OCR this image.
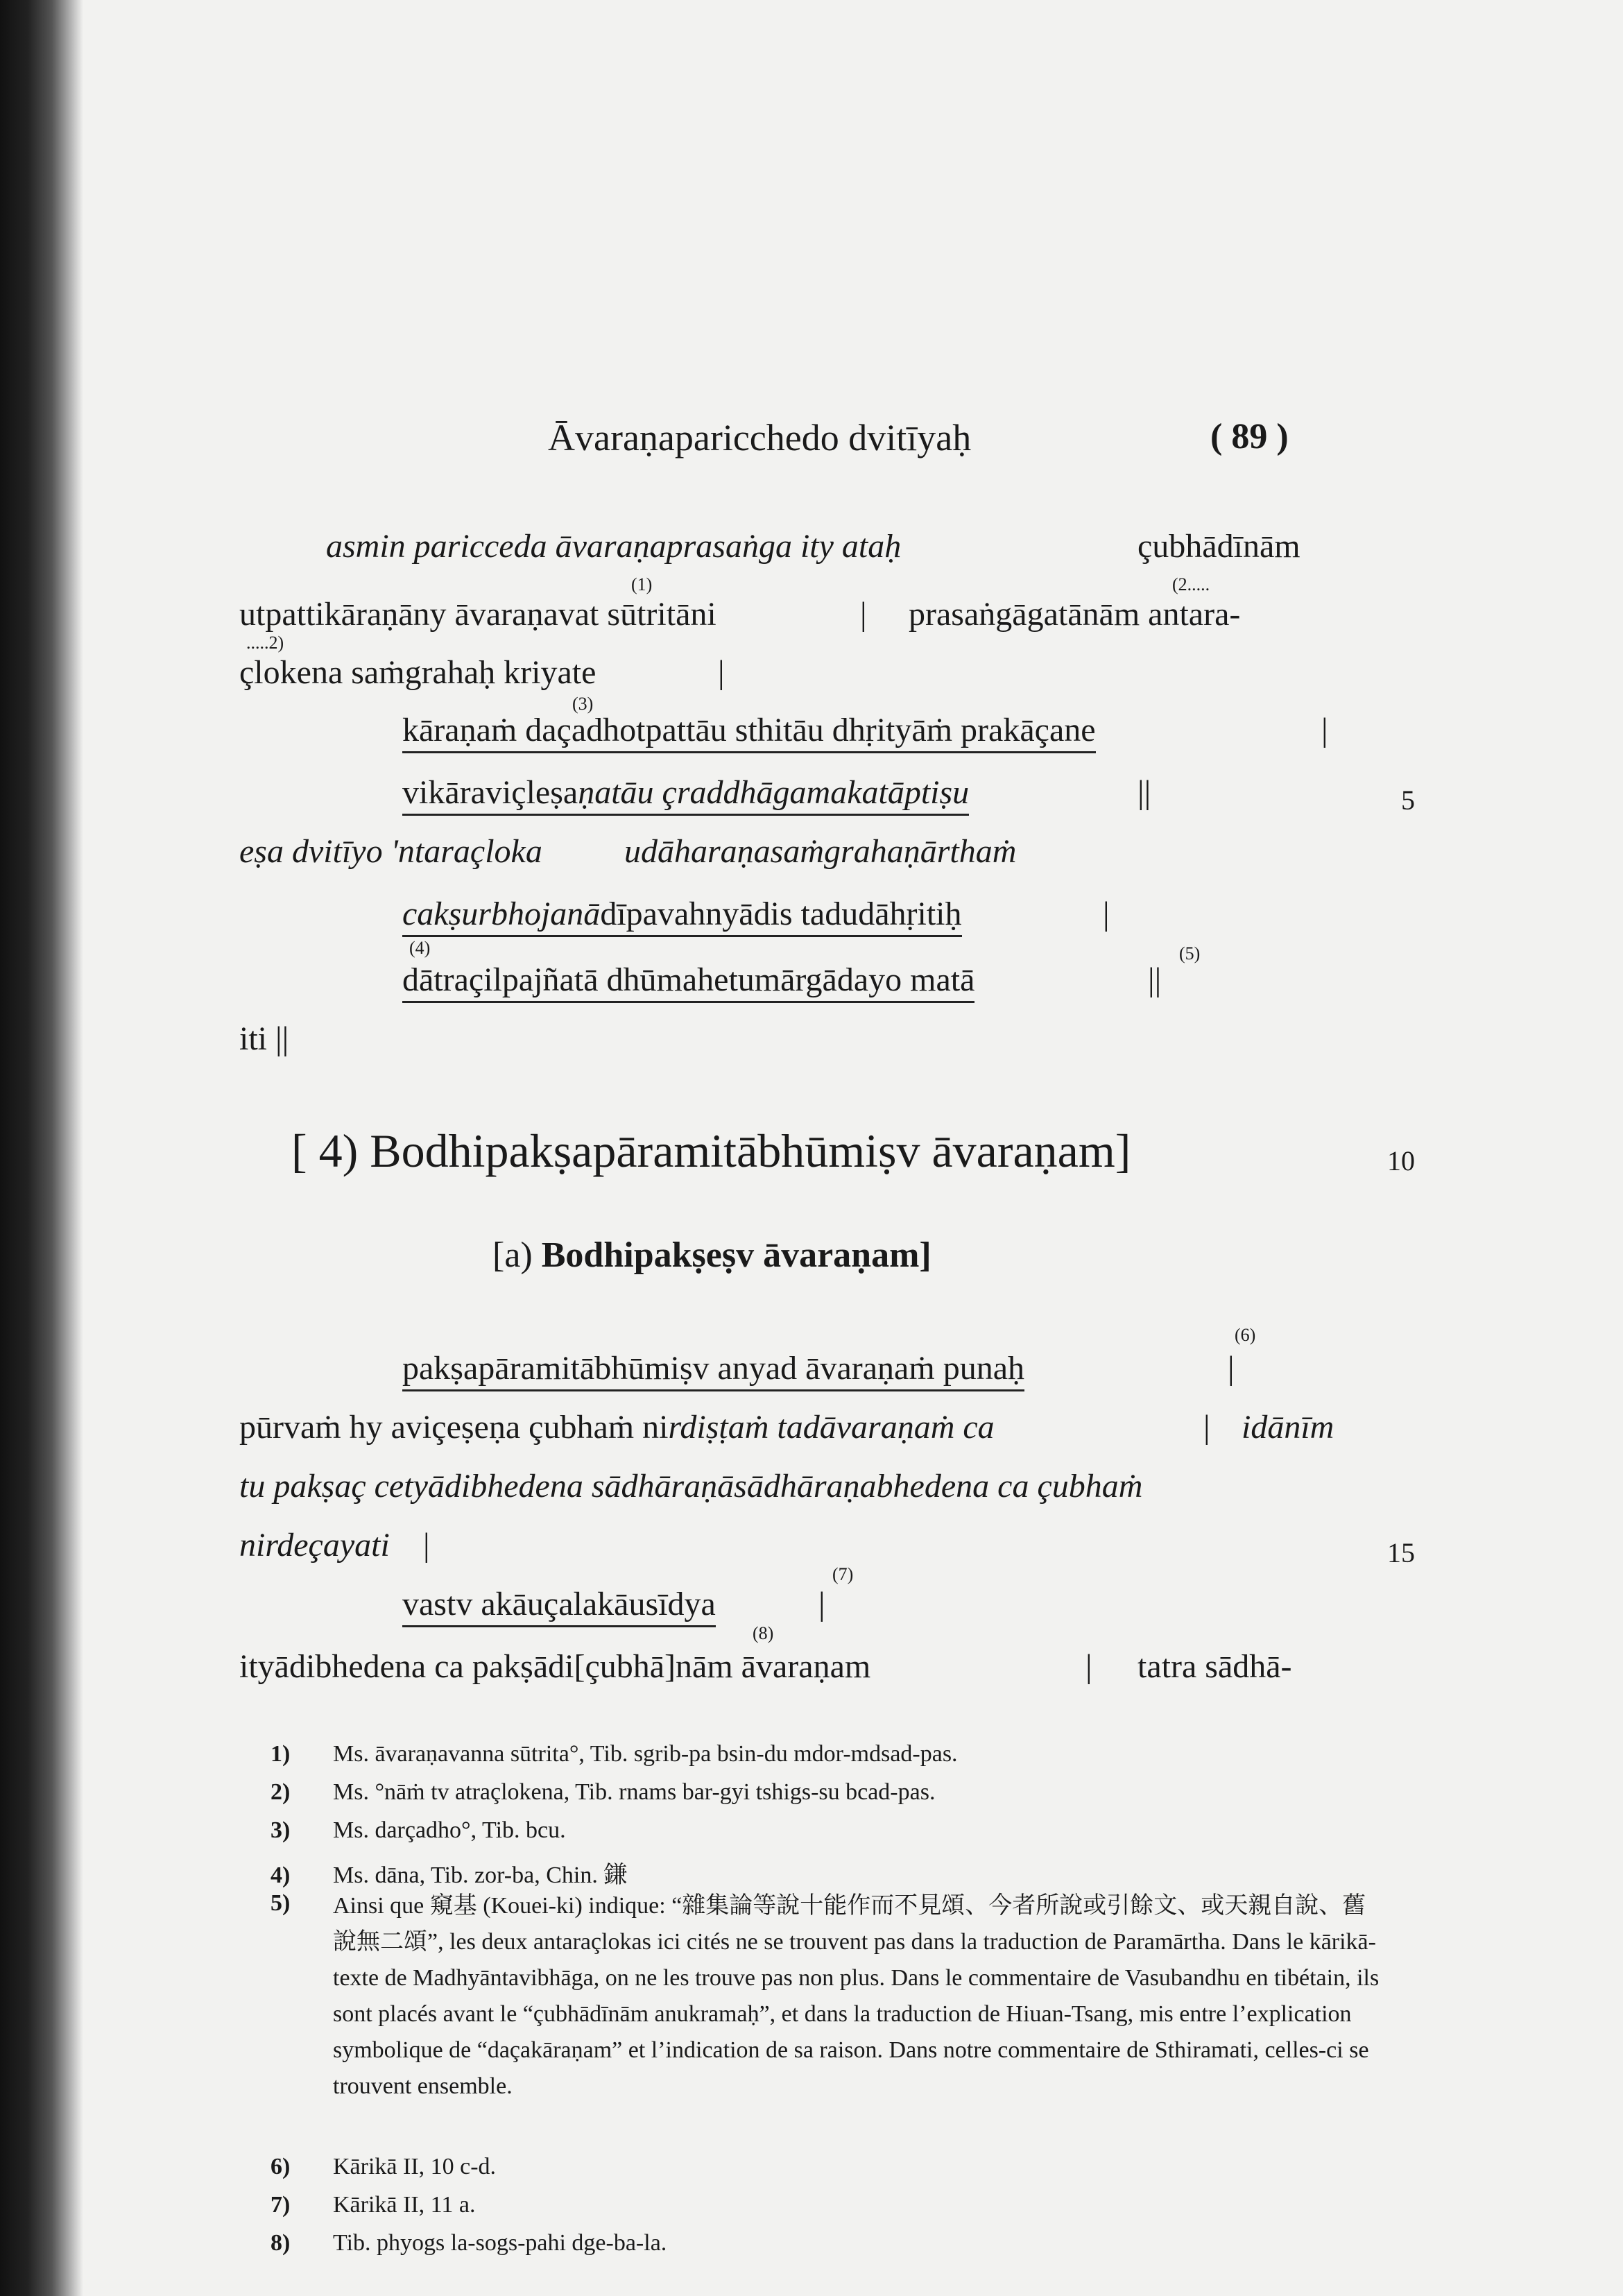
Āvaraṇaparicchedo dvitīyaḥ	( 89 )
asmin paricceda āvaraṇaprasaṅga ity ataḥ	çubhādīnām
(1)	(2.....
utpattikāraṇāny āvaraṇavat sūtritāni	| prasaṅgāgatānām antara-
.....2)
çlokena saṁgrahaḥ kriyate	|
(3)
kāraṇaṁ daçadhotpattāu sthitāu dhṛityāṁ prakāçane	|
vikāraviçleṣaṇatāu çraddhāgamakatāptiṣu	||	5
eṣa dvitīyo 'ntaraçloka udāharaṇasaṁgrahaṇārthaṁ
cakṣurbhojanādīpavahnyādis tadudāhṛitiḥ	|
(4)	(5)
dātraçilpajñatā dhūmahetumārgādayo matā	||
iti ||
[ 4) Bodhipakṣapāramitābhūmiṣv āvaraṇam]	10
[a) Bodhipakṣeṣv āvaraṇam]
(6)
pakṣapāramitābhūmiṣv anyad āvaraṇaṁ punaḥ	|
pūrvaṁ hy aviçeṣeṇa çubhaṁ nirdiṣṭaṁ tadāvaraṇaṁ ca	| idānīm
tu pakṣaç cetyādibhedena sādhāraṇāsādhāraṇabhedena ca çubhaṁ
nirdeçayati |	15
(7)
vastv akāuçalakāusīdya	|
(8)
ityādibhedena ca pakṣādi[çubhā]nām āvaraṇam	| tatra sādhā-
1) Ms. āvaraṇavanna sūtrita°, Tib. sgrib-pa bsin-du mdor-mdsad-pas.
2) Ms. °nāṁ tv atraçlokena, Tib. rnams bar-gyi tshigs-su bcad-pas.
3) Ms. darçadho°, Tib. bcu.
4) Ms. dāna, Tib. zor-ba, Chin. 鎌
5)	Ainsi que 窺基 (Kouei-ki) indique: “雜集論等說十能作而不見頌、今者所說或引餘文、或天親自說、舊說無二頌”, les deux antaraçlokas ici cités ne se trouvent pas dans la traduction de Paramārtha. Dans le kārikā-texte de Madhyāntavibhāga, on ne les trouve pas non plus. Dans le commentaire de Vasubandhu en tibétain, ils sont placés avant le “çubhādīnām anukramaḥ”, et dans la traduction de Hiuan-Tsang, mis entre l’explication symbolique de “daçakāraṇam” et l’indication de sa raison. Dans notre commentaire de Sthiramati, celles-ci se trouvent ensemble.
6) Kārikā II, 10 c-d.
7) Kārikā II, 11 a.
8) Tib. phyogs la-sogs-pahi dge-ba-la.
